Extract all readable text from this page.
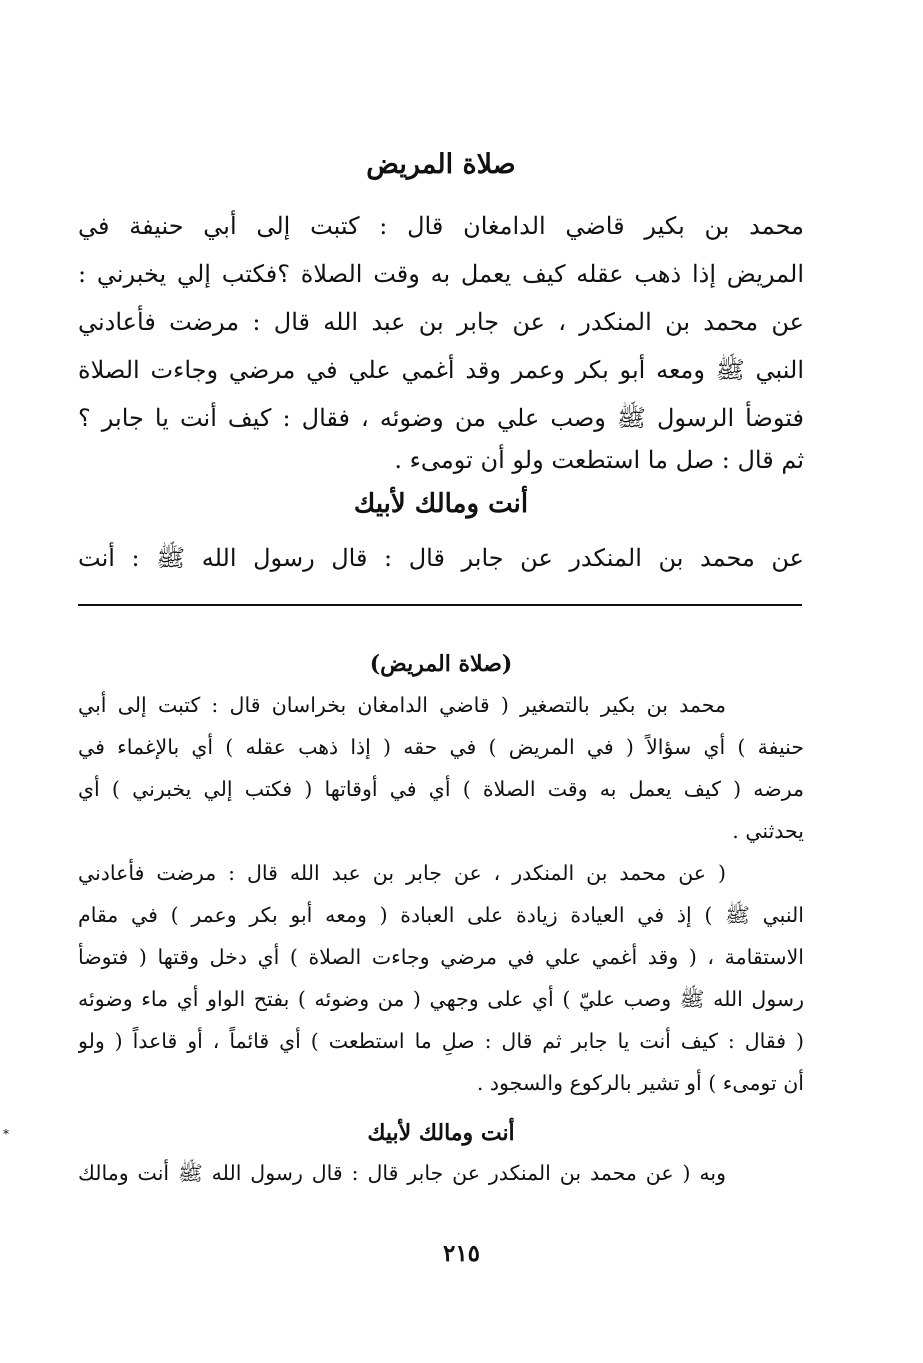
صلاة المريض
محمد بن بكير قاضي الدامغان قال : كتبت إلى أبي حنيفة في
المريض إذا ذهب عقله كيف يعمل به وقت الصلاة ؟فكتب إلي يخبرني :
عن محمد بن المنكدر ، عن جابر بن عبد الله قال : مرضت فأعادني
النبي ﷺ ومعه أبو بكر وعمر وقد أغمي علي في مرضي وجاءت الصلاة
فتوضأ الرسول ﷺ وصب علي من وضوئه ، فقال : كيف أنت يا جابر ؟
ثم قال : صل ما استطعت ولو أن تومىء .
أنت ومالك لأبيك
عن محمد بن المنكدر عن جابر قال : قال رسول الله ﷺ : أنت
(صلاة المريض)
محمد بن بكير بالتصغير ( قاضي الدامغان بخراسان قال : كتبت إلى أبي
حنيفة ) أي سؤالاً ( في المريض ) في حقه ( إذا ذهب عقله ) أي بالإغماء في
مرضه ( كيف يعمل به وقت الصلاة ) أي في أوقاتها ( فكتب إلي يخبرني ) أي
يحدثني .
( عن محمد بن المنكدر ، عن جابر بن عبد الله قال : مرضت فأعادني
النبي ﷺ ) إذ في العيادة زيادة على العبادة ( ومعه أبو بكر وعمر ) في مقام
الاستقامة ، ( وقد أغمي علي في مرضي وجاءت الصلاة ) أي دخل وقتها ( فتوضأ
رسول الله ﷺ وصب عليّ ) أي على وجهي ( من وضوئه ) بفتح الواو أي ماء وضوئه
( فقال : كيف أنت يا جابر ثم قال : صلِ ما استطعت ) أي قائماً ، أو قاعداً ( ولو
أن تومىء ) أو تشير بالركوع والسجود .
أنت ومالك لأبيك
وبه ( عن محمد بن المنكدر عن جابر قال : قال رسول الله ﷺ أنت ومالك
٢١٥
*
